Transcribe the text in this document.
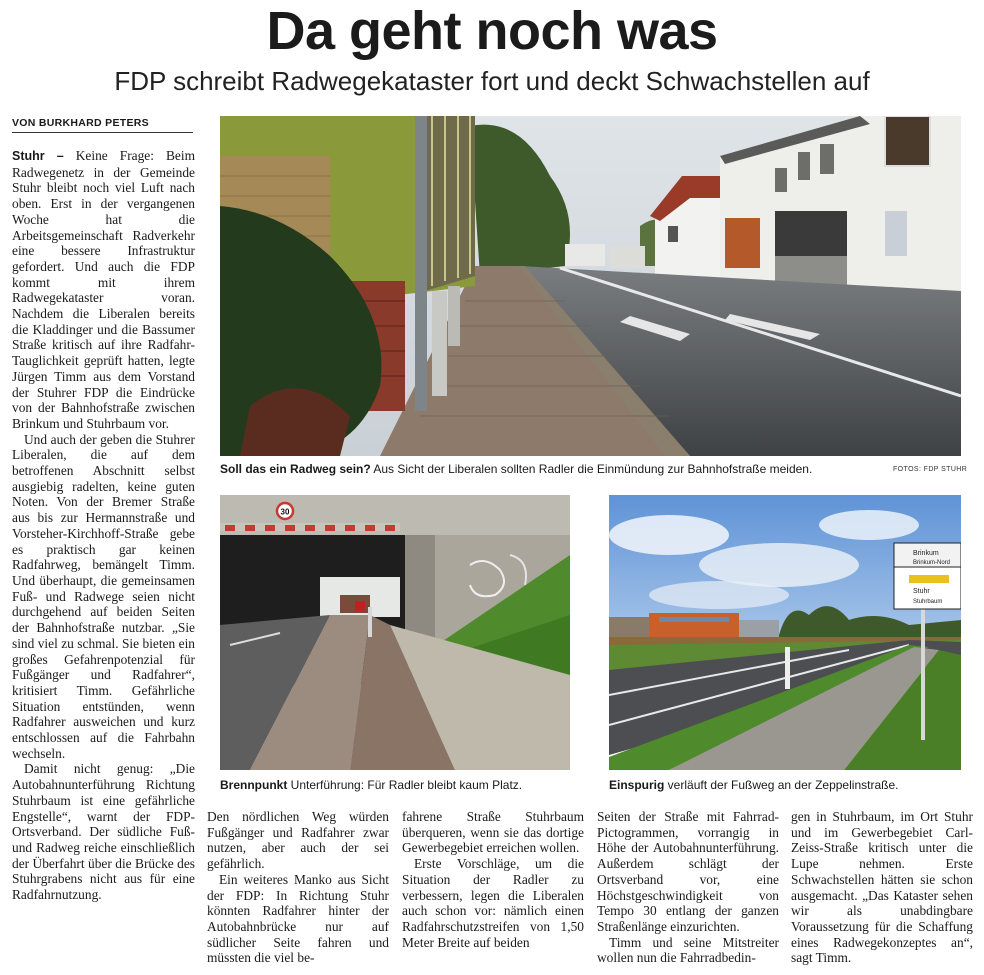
Da geht noch was
FDP schreibt Radwegekataster fort und deckt Schwachstellen auf
VON BURKHARD PETERS

Stuhr – Keine Frage: Beim Radwegenetz in der Gemeinde Stuhr bleibt noch viel Luft nach oben. Erst in der vergangenen Woche hat die Arbeitsgemeinschaft Radverkehr eine bessere Infrastruktur gefordert. Und auch die FDP kommt mit ihrem Radwegekataster voran. Nachdem die Liberalen bereits die Kladdinger und die Bassumer Straße kritisch auf ihre Radfahr-Tauglichkeit geprüft hatten, legte Jürgen Timm aus dem Vorstand der Stuhrer FDP die Eindrücke von der Bahnhofstraße zwischen Brinkum und Stuhrbaum vor.

Und auch der geben die Stuhrer Liberalen, die auf dem betroffenen Abschnitt selbst ausgiebig radelten, keine guten Noten. Von der Bremer Straße aus bis zur Hermannstraße und Vorsteher-Kirchhoff-Straße gebe es praktisch gar keinen Radfahrweg, bemängelt Timm. Und überhaupt, die gemeinsamen Fuß- und Radwege seien nicht durchgehend auf beiden Seiten der Bahnhofstraße nutzbar. „Sie sind viel zu schmal. Sie bieten ein großes Gefahrenpotenzial für Fußgänger und Radfahrer“, kritisiert Timm. Gefährliche Situation entstünden, wenn Radfahrer ausweichen und kurz entschlossen auf die Fahrbahn wechseln.

Damit nicht genug: „Die Autobahnunterführung Richtung Stuhrbaum ist eine gefährliche Engstelle“, warnt der FDP-Ortsverband. Der südliche Fuß- und Radweg reiche einschließlich der Überfahrt über die Brücke des Stuhrgrabens nicht aus für eine Radfahrnutzung.

Soll das ein Radweg sein? Aus Sicht der Liberalen sollten Radler die Einmündung zur Bahnhofstraße meiden.	FOTOS: FDP STUHR
30
Brennpunkt Unterführung: Für Radler bleibt kaum Platz.
Brinkum
Brinkum-Nord
Stuhr
Stuhrbaum
Einspurig verläuft der Fußweg an der Zeppelinstraße.

Den nördlichen Weg würden Fußgänger und Radfahrer zwar nutzen, aber auch der sei gefährlich.

Ein weiteres Manko aus Sicht der FDP: In Richtung Stuhr könnten Radfahrer hinter der Autobahnbrücke nur auf südlicher Seite fahren und müssten die viel be-

fahrene Straße Stuhrbaum überqueren, wenn sie das dortige Gewerbegebiet erreichen wollen.

Erste Vorschläge, um die Situation der Radler zu verbessern, legen die Liberalen auch schon vor: nämlich einen Radfahrschutzstreifen von 1,50 Meter Breite auf beiden

Seiten der Straße mit Fahrrad-Pictogrammen, vorrangig in Höhe der Autobahnunterführung. Außerdem schlägt der Ortsverband vor, eine Höchstgeschwindigkeit von Tempo 30 entlang der ganzen Straßenlänge einzurichten.

Timm und seine Mitstreiter wollen nun die Fahrradbedin-

gen in Stuhrbaum, im Ort Stuhr und im Gewerbegebiet Carl-Zeiss-Straße kritisch unter die Lupe nehmen. Erste Schwachstellen hätten sie schon ausgemacht. „Das Kataster sehen wir als unabdingbare Voraussetzung für die Schaffung eines Radwegekonzeptes an“, sagt Timm.
